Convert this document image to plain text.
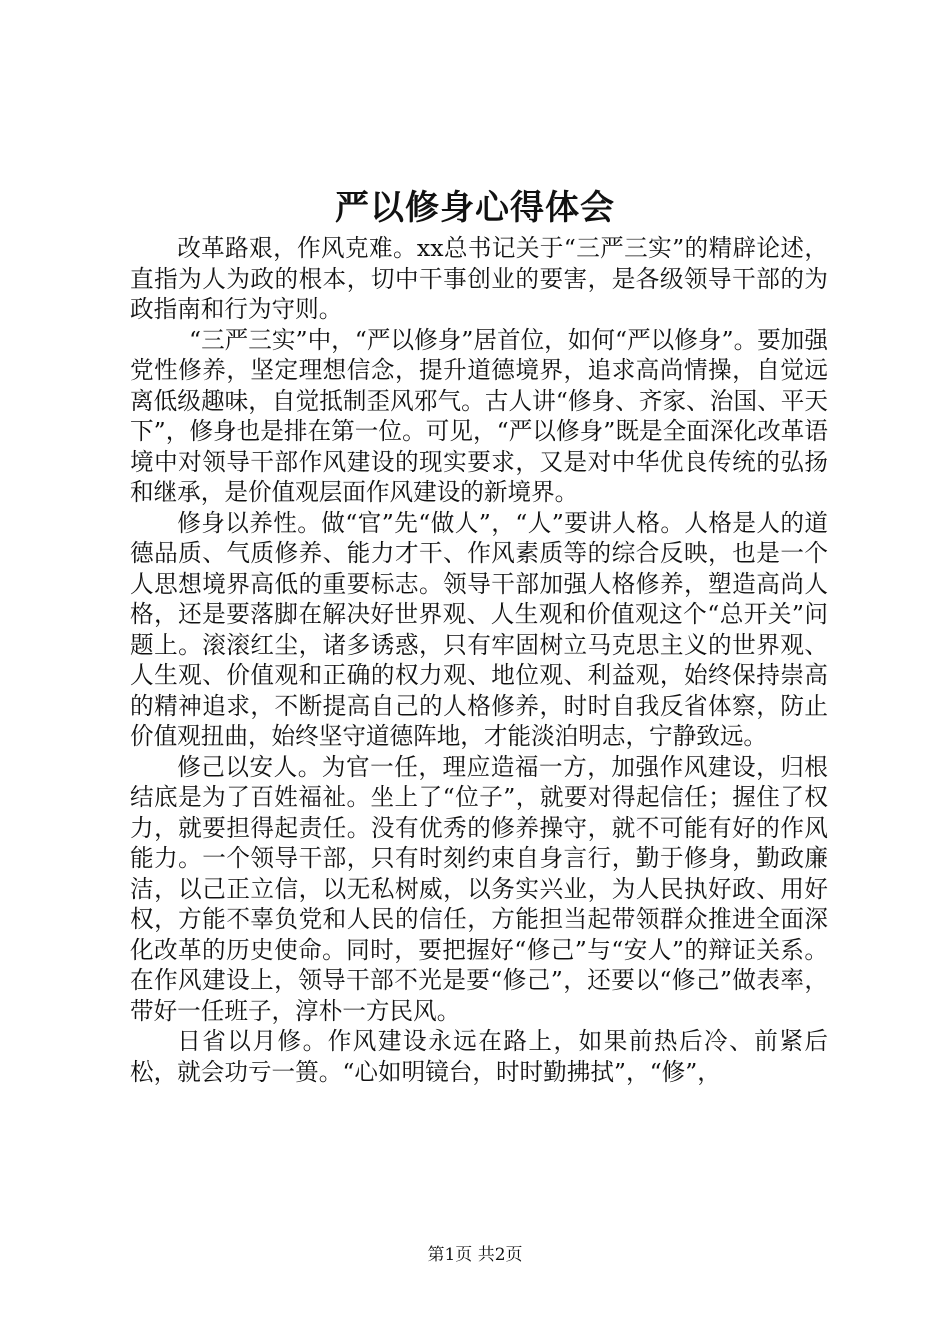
严以修身心得体会

改革路艰，作风克难。xx总书记关于“三严三实”的精辟论述，直指为人为政的根本，切中干事创业的要害，是各级领导干部的为政指南和行为守则。

“三严三实”中，“严以修身”居首位，如何“严以修身”。要加强党性修养，坚定理想信念，提升道德境界，追求高尚情操，自觉远离低级趣味，自觉抵制歪风邪气。古人讲“修身、齐家、治国、平天下”，修身也是排在第一位。可见，“严以修身”既是全面深化改革语境中对领导干部作风建设的现实要求，又是对中华优良传统的弘扬和继承，是价值观层面作风建设的新境界。

修身以养性。做“官”先“做人”，“人”要讲人格。人格是人的道德品质、气质修养、能力才干、作风素质等的综合反映，也是一个人思想境界高低的重要标志。领导干部加强人格修养，塑造高尚人格，还是要落脚在解决好世界观、人生观和价值观这个“总开关”问题上。滚滚红尘，诸多诱惑，只有牢固树立马克思主义的世界观、人生观、价值观和正确的权力观、地位观、利益观，始终保持崇高的精神追求，不断提高自己的人格修养，时时自我反省体察，防止价值观扭曲，始终坚守道德阵地，才能淡泊明志，宁静致远。

修己以安人。为官一任，理应造福一方，加强作风建设，归根结底是为了百姓福祉。坐上了“位子”，就要对得起信任；握住了权力，就要担得起责任。没有优秀的修养操守，就不可能有好的作风能力。一个领导干部，只有时刻约束自身言行，勤于修身，勤政廉洁，以己正立信，以无私树威，以务实兴业，为人民执好政、用好权，方能不辜负党和人民的信任，方能担当起带领群众推进全面深化改革的历史使命。同时，要把握好“修己”与“安人”的辩证关系。在作风建设上，领导干部不光是要“修己”，还要以“修己”做表率，带好一任班子，淳朴一方民风。

日省以月修。作风建设永远在路上，如果前热后冷、前紧后松，就会功亏一篑。“心如明镜台，时时勤拂拭”，“修”，

第1页 共2页
